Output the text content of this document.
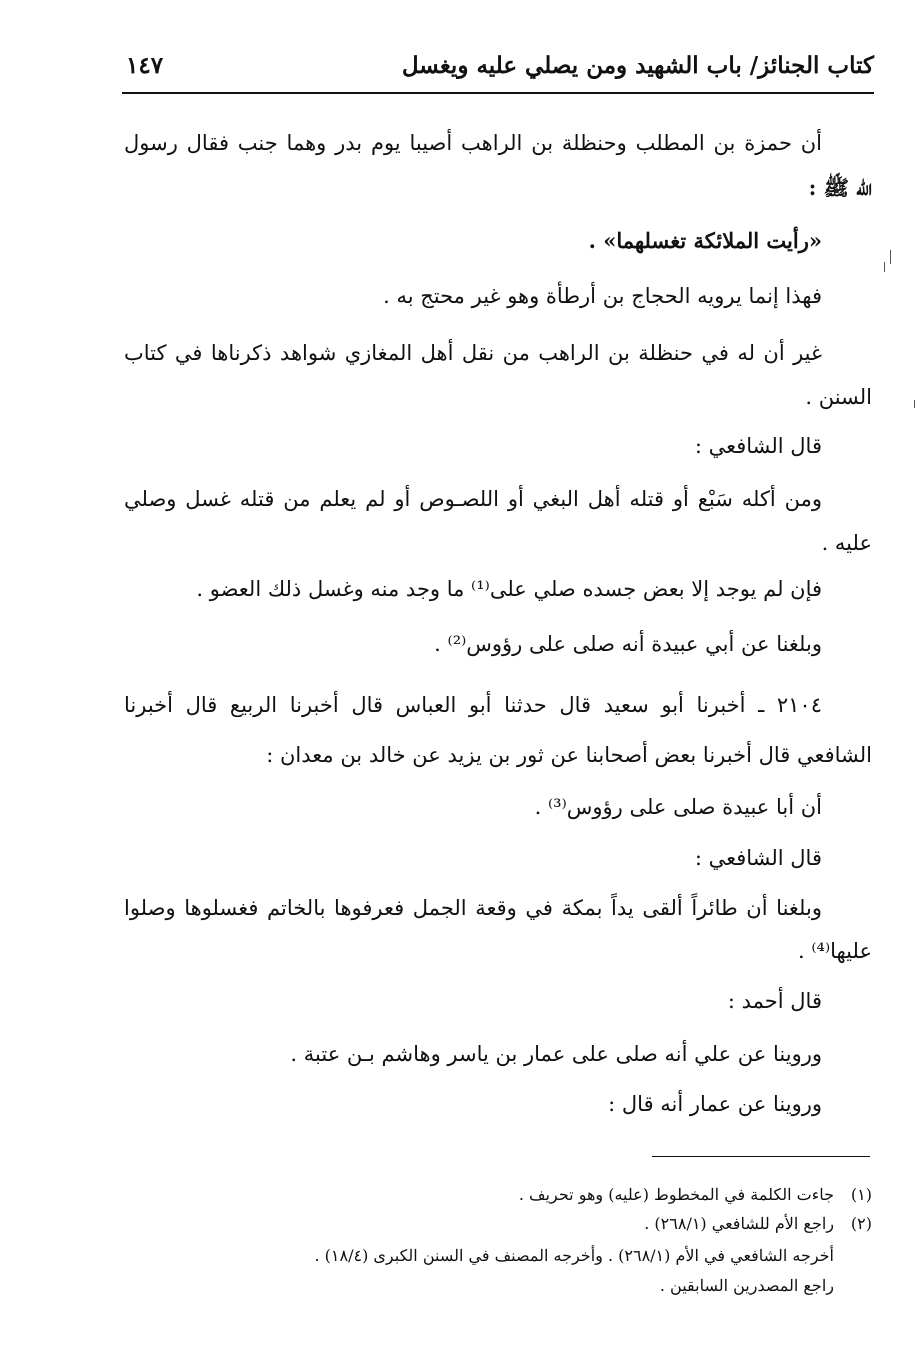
كتاب الجنائز/ باب الشهيد ومن يصلي عليه ويغسل
١٤٧
أن حمزة بن المطلب وحنظلة بن الراهب أصيبا يوم بدر وهما جنب فقال رسول
الله ﷺ :
«رأيت الملائكة تغسلهما» .
فهذا إنما يرويه الحجاج بن أرطأة وهو غير محتج به .
غير أن له في حنظلة بن الراهب من نقل أهل المغازي شواهد ذكرناها في كتاب
السنن .
قال الشافعي :
ومن أكله سَبْع أو قتله أهل البغي أو اللصـوص أو لم يعلم من قتله غسل وصلي
عليه .
فإن لم يوجد إلا بعض جسده صلي على⁽¹⁾ ما وجد منه وغسل ذلك العضو .
وبلغنا عن أبي عبيدة أنه صلى على رؤوس⁽²⁾ .
٢١٠٤ ـ أخبرنا أبو سعيد قال حدثنا أبو العباس قال أخبرنا الربيع قال أخبرنا
الشافعي قال أخبرنا بعض أصحابنا عن ثور بن يزيد عن خالد بن معدان :
أن أبا عبيدة صلى على رؤوس⁽³⁾ .
قال الشافعي :
وبلغنا أن طائراً ألقى يداً بمكة في وقعة الجمل فعرفوها بالخاتم فغسلوها وصلوا
عليها⁽⁴⁾ .
قال أحمد :
وروينا عن علي أنه صلى على عمار بن ياسر وهاشم بـن عتبة .
وروينا عن عمار أنه قال :
(١)
جاءت الكلمة في المخطوط (عليه) وهو تحريف .
(٢)
راجع الأم للشافعي (٢٦٨/١) .
أخرجه الشافعي في الأم (٢٦٨/١) . وأخرجه المصنف في السنن الكبرى (١٨/٤) .
راجع المصدرين السابقين .
